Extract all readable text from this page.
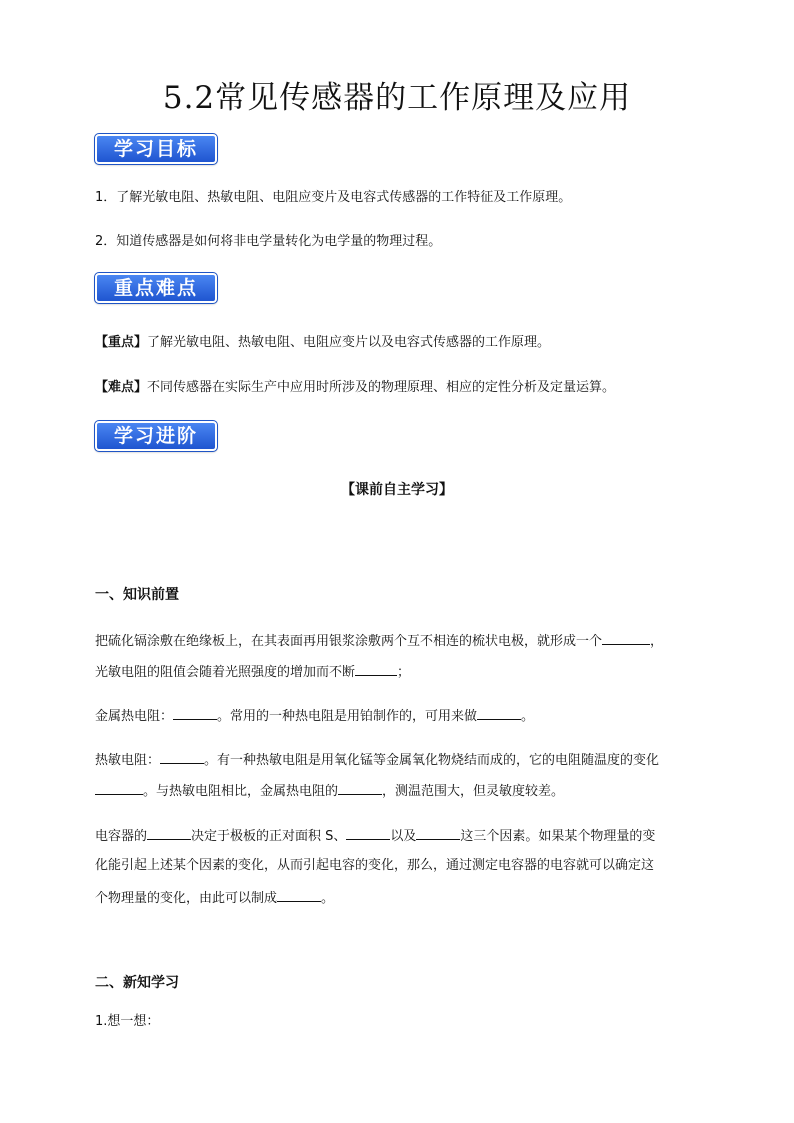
5.2常见传感器的工作原理及应用
学习目标
1．了解光敏电阻、热敏电阻、电阻应变片及电容式传感器的工作特征及工作原理。
2．知道传感器是如何将非电学量转化为电学量的物理过程。
重点难点
【重点】了解光敏电阻、热敏电阻、电阻应变片以及电容式传感器的工作原理。
【难点】不同传感器在实际生产中应用时所涉及的物理原理、相应的定性分析及定量运算。
学习进阶
【课前自主学习】
一、知识前置
把硫化镉涂敷在绝缘板上，在其表面再用银浆涂敷两个互不相连的梳状电极，就形成一个	，
光敏电阻的阻值会随着光照强度的增加而不断	；
金属热电阻：	。常用的一种热电阻是用铂制作的，可用来做	。
热敏电阻：	。有一种热敏电阻是用氧化锰等金属氧化物烧结而成的，它的电阻随温度的变化
。与热敏电阻相比，金属热电阻的	，测温范围大，但灵敏度较差。
电容器的	决定于极板的正对面积 S、	以及	这三个因素。如果某个物理量的变
化能引起上述某个因素的变化，从而引起电容的变化，那么，通过测定电容器的电容就可以确定这
个物理量的变化，由此可以制成	。
二、新知学习
1.想一想：
